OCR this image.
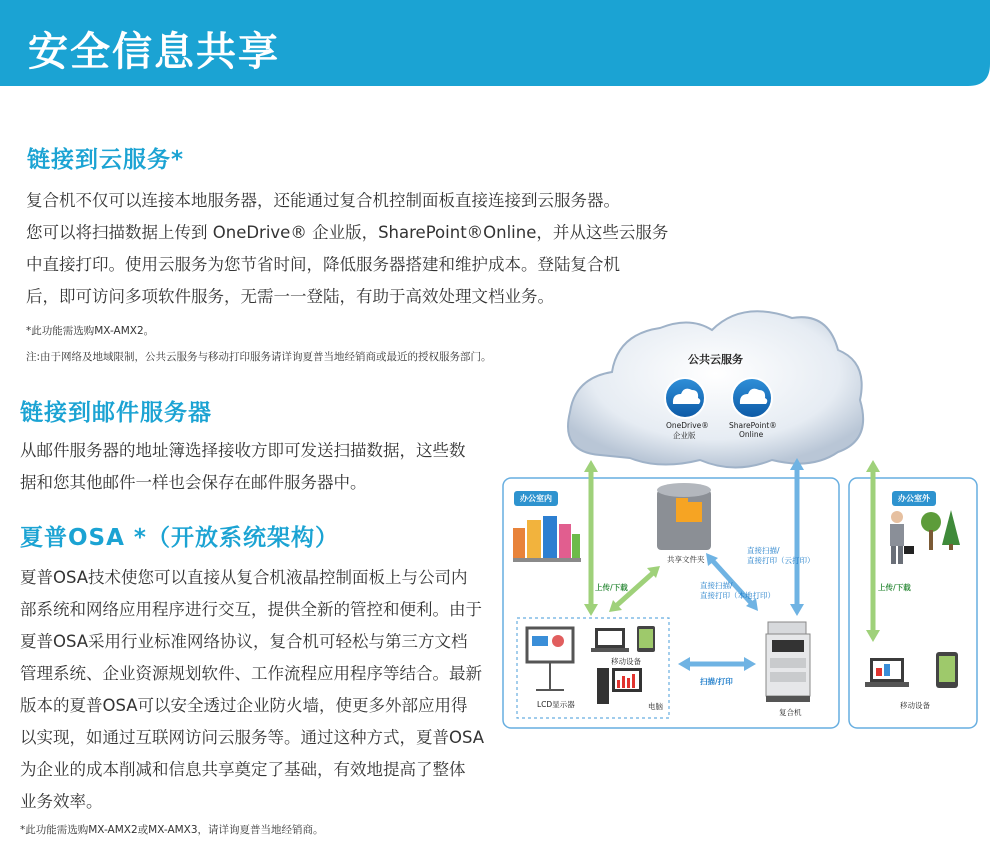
安全信息共享
链接到云服务*
复合机不仅可以连接本地服务器，还能通过复合机控制面板直接连接到云服务器。
您可以将扫描数据上传到 OneDrive® 企业版，SharePoint®Online，并从这些云服务
中直接打印。使用云服务为您节省时间，降低服务器搭建和维护成本。登陆复合机
后，即可访问多项软件服务，无需一一登陆，有助于高效处理文档业务。
*此功能需选购MX-AMX2。
注:由于网络及地域限制，公共云服务与移动打印服务请详询夏普当地经销商或最近的授权服务部门。
链接到邮件服务器
从邮件服务器的地址簿选择接收方即可发送扫描数据，这些数
据和您其他邮件一样也会保存在邮件服务器中。
夏普OSA *（开放系统架构）
夏普OSA技术使您可以直接从复合机液晶控制面板上与公司内
部系统和网络应用程序进行交互，提供全新的管控和便利。由于
夏普OSA采用行业标准网络协议，复合机可轻松与第三方文档
管理系统、企业资源规划软件、工作流程应用程序等结合。最新
版本的夏普OSA可以安全透过企业防火墙，使更多外部应用得
以实现，如通过互联网访问云服务等。通过这种方式，夏普OSA
为企业的成本削减和信息共享奠定了基础，有效地提高了整体
业务效率。
*此功能需选购MX-AMX2或MX-AMX3，请详询夏普当地经销商。
公共云服务
OneDrive®
企业版
SharePoint®
Online
办公室内	办公室外
共享文件夹
上传/下载	上传/下载
直接扫描/
直接打印（云打印）
直接扫描/
直接打印（本地打印）
移动设备
LCD显示器	电脑
扫描/打印
复合机
移动设备
